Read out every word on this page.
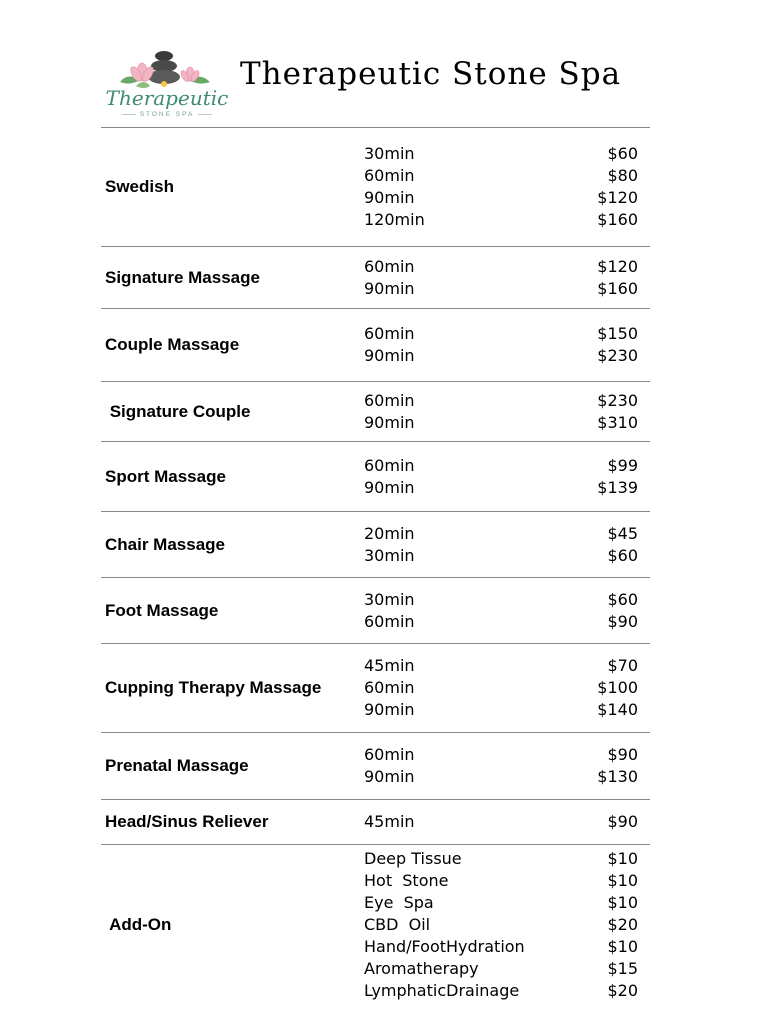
Therapeutic
STONE SPA
Therapeutic Stone Spa
Swedish
30min	$60
60min	$80
90min	$120
120min	$160
Signature Massage
60min	$120
90min	$160
Couple Massage
60min	$150
90min	$230
Signature Couple
60min	$230
90min	$310
Sport Massage
60min	$99
90min	$139
Chair Massage
20min	$45
30min	$60
Foot Massage
30min	$60
60min	$90
Cupping Therapy Massage
45min	$70
60min	$100
90min	$140
Prenatal Massage
60min	$90
90min	$130
Head/Sinus Reliever	45min	$90
Add-On
Deep Tissue	$10
Hot  Stone	$10
Eye  Spa	$10
CBD  Oil	$20
Hand/FootHydration	$10
Aromatherapy	$15
LymphaticDrainage	$20
